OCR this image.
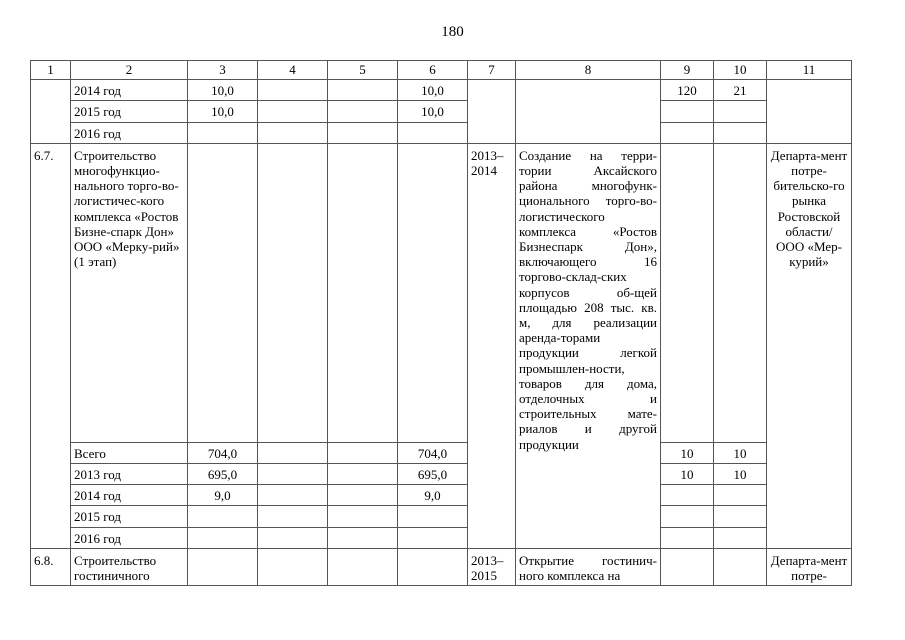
180
1	2	3	4	5	6	7	8	9	10	11
	2014 год	10,0			10,0			120	21	
	2015 год	10,0			10,0					
	2016 год									
6.7.	Строительство многофункцио-нального торго-во-логистичес-кого комплекса «Ростов Бизне-спарк Дон» ООО «Мерку-рий» (1 этап)					2013– 2014	Создание на терри-тории Аксайского района многофунк-ционального торго-во-логистического комплекса «Ростов Бизнеспарк Дон», включающего 16 торгово-склад-ских корпусов об-щей площадью 208 тыс. кв. м, для реализации аренда-торами продукции легкой промышлен-ности, товаров для дома, отделочных и строительных мате-риалов и другой продукции			Департа-мент потре-бительско-го рынка Ростовской области/ ООО «Мер-курий»
	Всего	704,0			704,0			10	10	
	2013 год	695,0			695,0			10	10	
	2014 год	9,0			9,0					
	2015 год									
	2016 год									
6.8.	Строительство гостиничного					2013– 2015	Открытие гостинич-ного комплекса на			Департа-мент потре-
